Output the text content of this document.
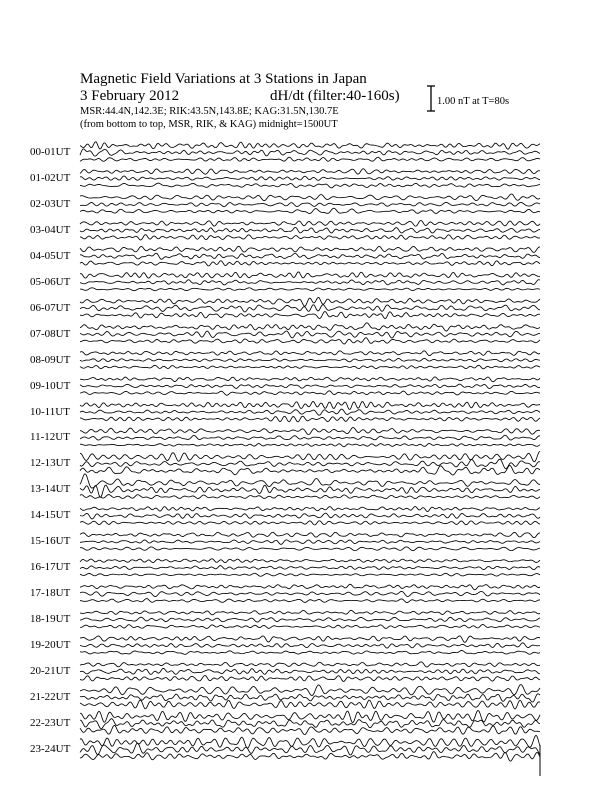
Magnetic Field Variations at 3 Stations in Japan
3 February 2012	dH/dt (filter:40-160s)
MSR:44.4N,142.3E; RIK:43.5N,143.8E; KAG:31.5N,130.7E
(from bottom to top, MSR, RIK, & KAG) midnight=1500UT
1.00 nT at T=80s
00-01UT
01-02UT
02-03UT
03-04UT
04-05UT
05-06UT
06-07UT
07-08UT
08-09UT
09-10UT
10-11UT
11-12UT
12-13UT
13-14UT
14-15UT
15-16UT
16-17UT
17-18UT
18-19UT
19-20UT
20-21UT
21-22UT
22-23UT
23-24UT
